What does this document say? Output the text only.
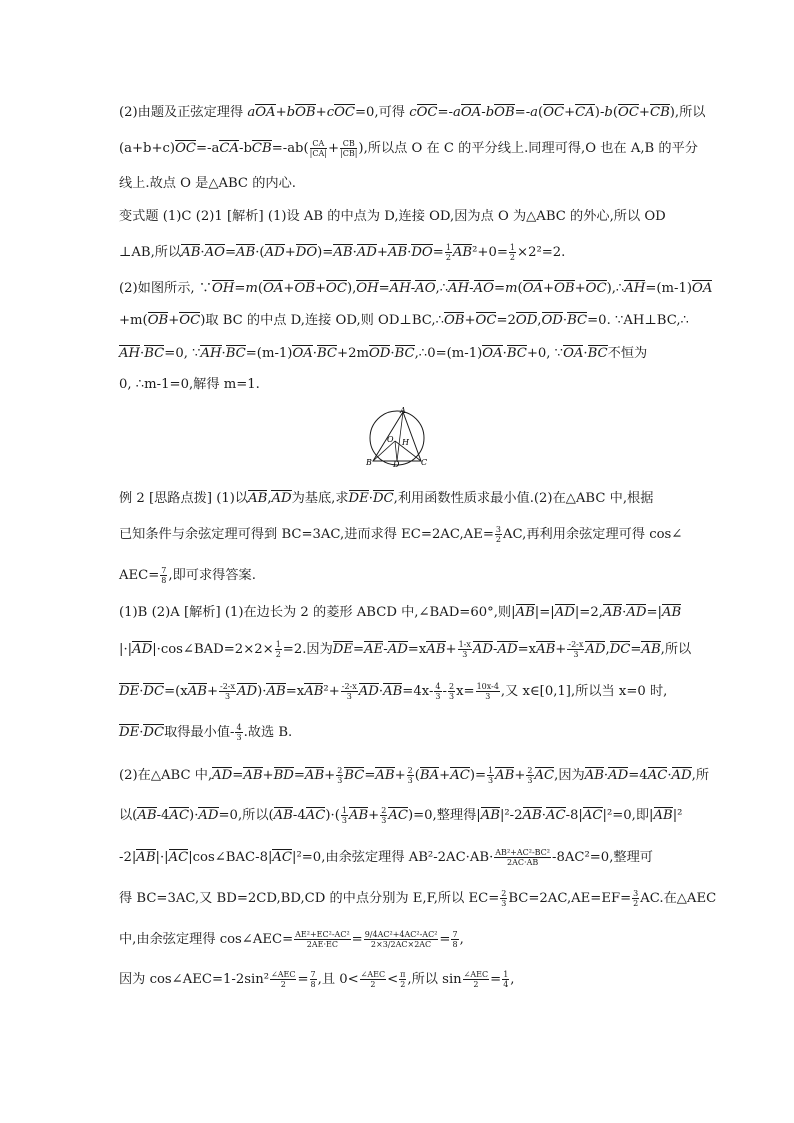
(2)由题及正弦定理得 aOA+bOB+cOC=0,可得 cOC=-aOA-bOB=-a(OC+CA)-b(OC+CB),所以
$(a+b+c)OC=-aCA-bCB=-ab( \frac{CA}{|CA|} + \frac{CB}{|CB|}$ ),所以点 O 在 C 的平分线上.同理可得,O 也在 A,B 的平分
线上.故点 O 是△ABC 的内心.
变式题 (1)C (2)1 [解析] (1)设 AB 的中点为 D,连接 OD,因为点 O 为△ABC 的外心,所以 OD
⊥AB,所以$AB\cdot AO=AB\cdot(AD+DO)=AB\cdot AD+AB\cdot DO= \frac{1}{2} AB^2+0= \frac{1}{2} \times 2^2=2$.
(2)如图所示, ∵OH=m(OA+OB+OC),OH=AH-AO,∴AH-AO=m(OA+OB+OC),∴AH=(m-1)OA
+m(OB+OC)取 BC 的中点 D,连接 OD,则 OD⊥BC,∴OB+OC=2OD,OD·BC=0. ∵AH⊥BC,∴
AH·BC=0, ∵AH·BC=(m-1)OA·BC+2mOD·BC,∴0=(m-1)OA·BC+0, ∵OA·BC不恒为
0, ∴m-1=0,解得 m=1.
A
B	C
D
O H
例 2 [思路点拨] (1)以AB,AD为基底,求DE·DC,利用函数性质求最小值.(2)在△ABC 中,根据
已知条件与余弦定理可得到 BC=3AC,进而求得 $EC=2AC,AE= \frac{3}{2}$ AC,再利用余弦定理可得 cos∠
$AEC= \frac{7}{8}$ ,即可求得答案.
(1)B (2)A [解析] (1)在边长为 2 的菱形 ABCD 中,∠BAD=60°,则|AB|=|AD|=2,AB·AD=|AB
|·|AD|·cos∠BAD=2×2× $\frac{1}{2} =2$.因为$DE=AE-AD=xAB+ \frac{1-x}{3} AD-AD=xAB+ \frac{-2-x}{3} AD,DC=AB$,所以
$DE\cdot DC=(xAB+ \frac{-2-x}{3} AD)\cdot AB=xAB^2+ \frac{-2-x}{3} AD\cdot AB=4x- \frac{4}{3} - \frac{2}{3} x= \frac{10x-4}{3}$ ,又 x∈[0,1],所以当 x=0 时,
DE·DC取得最小值- $\frac{4}{3}$ .故选 B.
(2)在△ABC 中$,AD=AB+BD=AB+ \frac{2}{3} BC=AB+ \frac{2}{3} (BA+AC)= \frac{1}{3} AB+ \frac{2}{3}$ AC,因为AB·AD=4AC·AD,所
以(AB-4AC)·AD=0,所以$(AB-4AC)\cdot( \frac{1}{3} AB+ \frac{2}{3} AC)=0$,整理得|AB|²-2AB·AC-8|AC|²=0,即|AB|²
-2|AB|·|AC|cos∠BAC-8|AC|²=0,由余弦定理得 $AB^2-2AC\cdot AB\cdot \frac{\text{AB²+AC²-BC²}}{2AC\cdot AB} -8AC^2=0$,整理可
得 BC=3AC,又 BD=2CD,BD,CD 的中点分别为 E,F,所以 $EC= \frac{2}{3} BC=2AC,AE=EF= \frac{3}{2}$ AC.在△AEC
中,由余弦定理得 cos∠AEC= $\frac{\text{AE²+EC²-AC²}}{2AE\cdot EC} = \frac{\text{9/4AC²+4AC²-AC²}}{2\times 3/2AC\times 2AC} = \frac{7}{8}$ ,
因为 cos∠AEC=1-2sin² $\frac{\text{∠AEC}}{2} = \frac{7}{8}$ ,且 $0< \frac{\text{∠AEC}}{2} < \frac{\pi}{2}$ ,所以 $\sin \frac{\text{∠AEC}}{2} = \frac{1}{4}$ ,
